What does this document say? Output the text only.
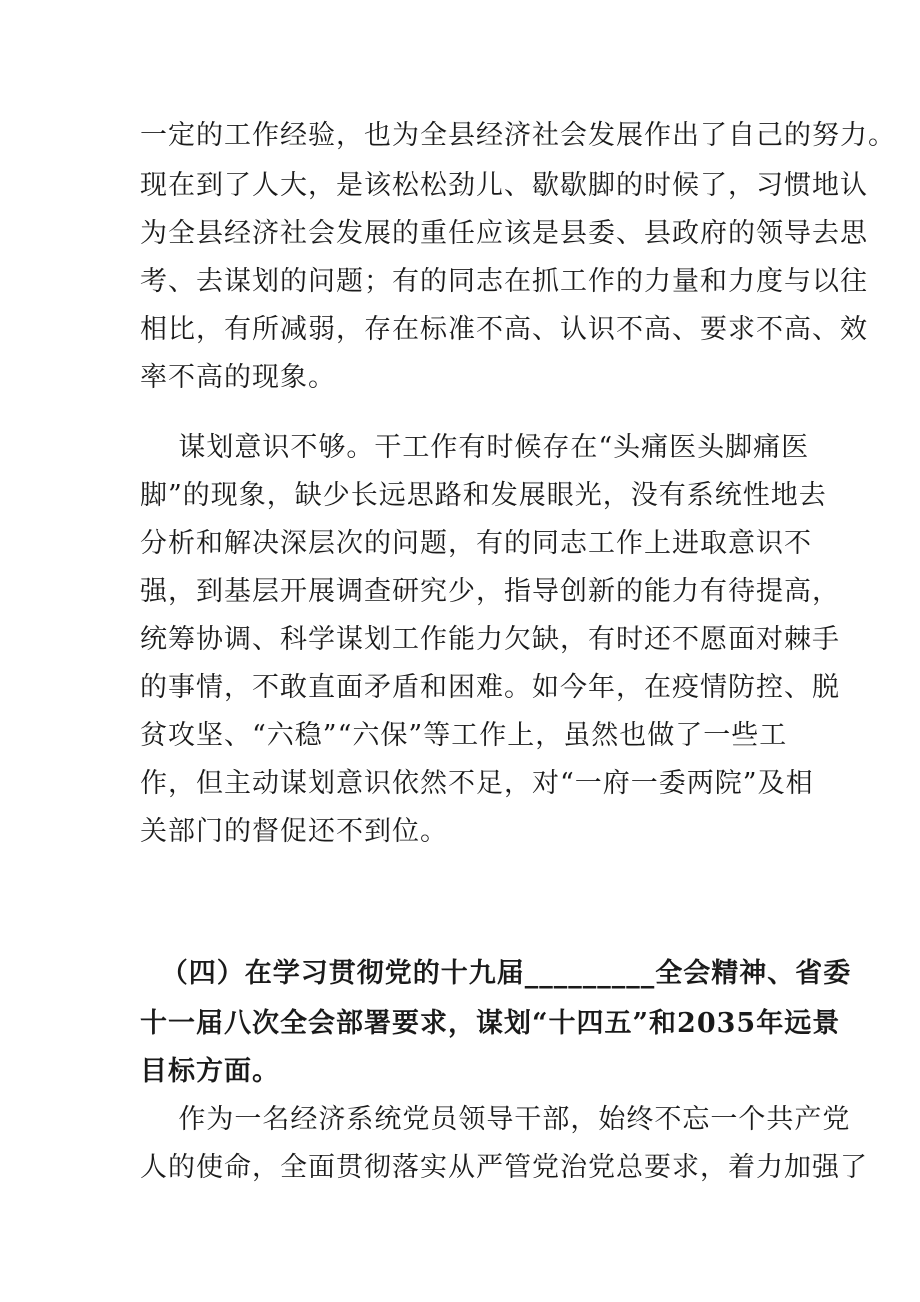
一定的工作经验，也为全县经济社会发展作出了自己的努力。
现在到了人大，是该松松劲儿、歇歇脚的时候了，习惯地认
为全县经济社会发展的重任应该是县委、县政府的领导去思
考、去谋划的问题；有的同志在抓工作的力量和力度与以往
相比，有所减弱，存在标准不高、认识不高、要求不高、效
率不高的现象。
谋划意识不够。干工作有时候存在“头痛医头脚痛医
脚”的现象，缺少长远思路和发展眼光，没有系统性地去
分析和解决深层次的问题，有的同志工作上进取意识不
强，到基层开展调查研究少，指导创新的能力有待提高，
统筹协调、科学谋划工作能力欠缺，有时还不愿面对棘手
的事情，不敢直面矛盾和困难。如今年，在疫情防控、脱
贫攻坚、“六稳”“六保”等工作上，虽然也做了一些工
作，但主动谋划意识依然不足，对“一府一委两院”及相
关部门的督促还不到位。
（四）在学习贯彻党的十九届_________全会精神、省委
十一届八次全会部署要求，谋划“十四五”和2035年远景
目标方面。
作为一名经济系统党员领导干部，始终不忘一个共产党
人的使命，全面贯彻落实从严管党治党总要求，着力加强了
